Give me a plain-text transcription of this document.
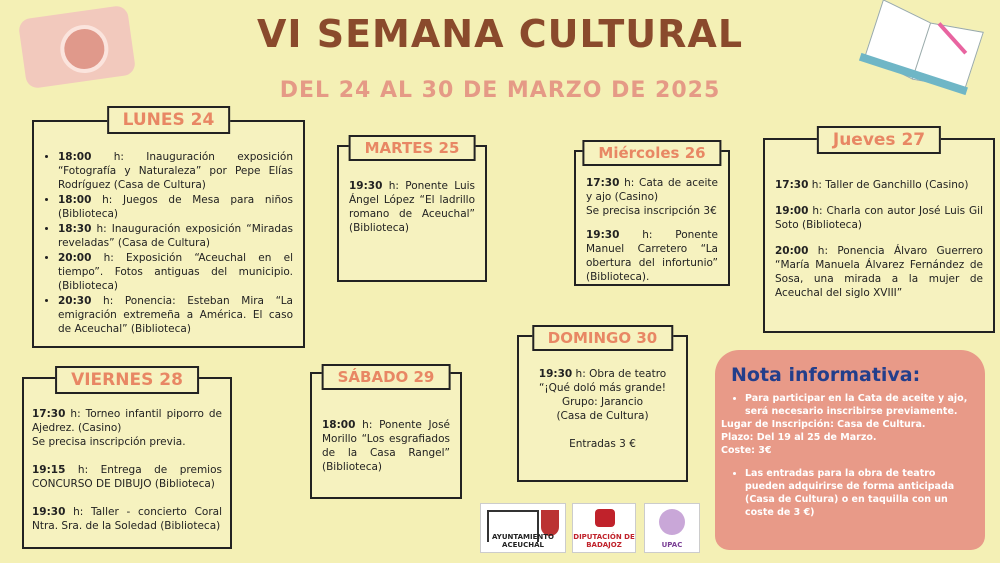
VI SEMANA CULTURAL
DEL 24 AL 30 DE MARZO DE 2025
LUNES 24
• 18:00 h: Inauguración exposición “Fotografía y Naturaleza” por Pepe Elías Rodríguez (Casa de Cultura)
• 18:00 h: Juegos de Mesa para niños (Biblioteca)
• 18:30 h: Inauguración exposición “Miradas reveladas” (Casa de Cultura)
• 20:00 h: Exposición “Aceuchal en el tiempo”. Fotos antiguas del municipio. (Biblioteca)
• 20:30 h: Ponencia: Esteban Mira “La emigración extremeña a América. El caso de Aceuchal” (Biblioteca)
MARTES 25

19:30 h: Ponente Luis Ángel López “El ladrillo romano de Aceuchal” (Biblioteca)

Miércoles 26

17:30 h: Cata de aceite y ajo (Casino)
Se precisa inscripción 3€

19:30 h: Ponente Manuel Carretero “La obertura del infortunio” (Biblioteca).

Jueves 27

17:30 h: Taller de Ganchillo (Casino)

19:00 h: Charla con autor José Luis Gil Soto (Biblioteca)

20:00 h: Ponencia Álvaro Guerrero “María Manuela Álvarez Fernández de Sosa, una mirada a la mujer de Aceuchal del siglo XVIII”

VIERNES 28

17:30 h: Torneo infantil piporro de Ajedrez. (Casino)
Se precisa inscripción previa.

19:15 h: Entrega de premios CONCURSO DE DIBUJO (Biblioteca)

19:30 h: Taller - concierto Coral Ntra. Sra. de la Soledad (Biblioteca)

SÁBADO 29

18:00 h: Ponente José Morillo “Los esgrafiados de la Casa Rangel” (Biblioteca)

DOMINGO 30

19:30 h: Obra de teatro
“¡Qué doló más grande!
Grupo: Jarancio
(Casa de Cultura)

Entradas 3 €

Nota informativa:
• Para participar en la Cata de aceite y ajo, será necesario inscribirse previamente.

Lugar de Inscripción: Casa de Cultura.

Plazo: Del 19 al 25 de Marzo.

Coste: 3€

• Las entradas para la obra de teatro pueden adquirirse de forma anticipada (Casa de Cultura) o en taquilla con un coste de 3 €)
AYUNTAMIENTO ACEUCHAL
DIPUTACIÓN DE BADAJOZ	UPAC
